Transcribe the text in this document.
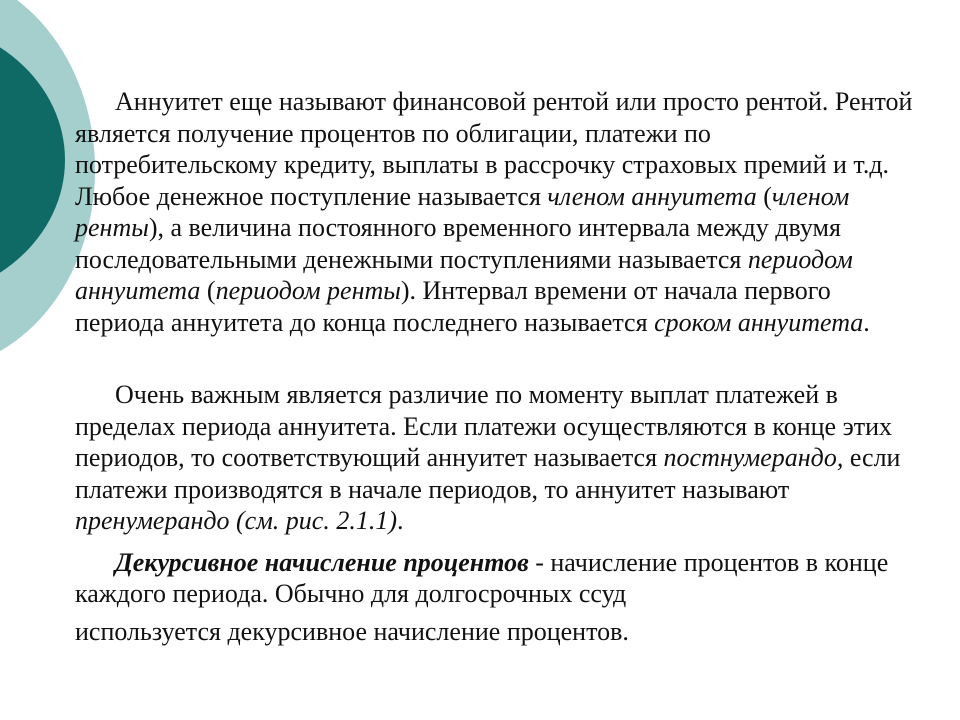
Аннуитет еще называют финансовой рентой или просто рентой. Рентой является получение процентов по облигации, платежи по потребительскому кредиту, выплаты в рассрочку страховых премий и т.д. Любое денежное поступление называется членом аннуитета (членом ренты), а величина постоянного временного интервала между двумя последовательными денежными поступлениями называется периодом аннуитета (периодом ренты). Интервал времени от начала первого периода аннуитета до конца последнего называется сроком аннуитета.

Очень важным является различие по моменту выплат платежей в пределах периода аннуитета. Если платежи осуществляются в конце этих периодов, то соответствующий аннуитет называется постнумерандо, если платежи производятся в начале периодов, то аннуитет называют пренумерандо (см. рис. 2.1.1).

Декурсивное начисление процентов - начисление процентов в конце каждого периода. Обычно для долгосрочных ссуд
используется декурсивное начисление процентов.
